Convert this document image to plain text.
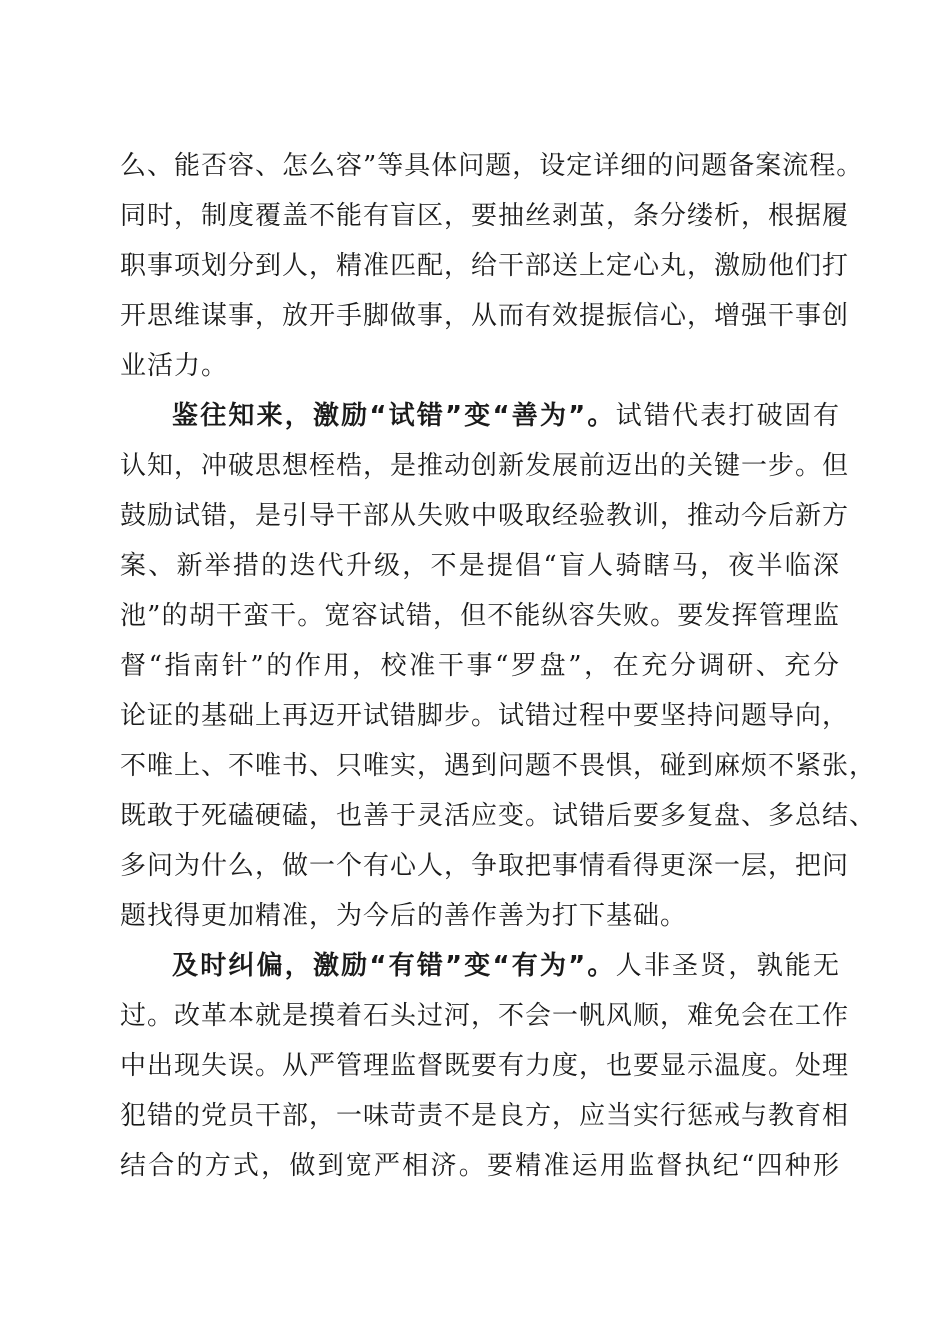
么、能否容、怎么容”等具体问题，设定详细的问题备案流程。
同时，制度覆盖不能有盲区，要抽丝剥茧，条分缕析，根据履
职事项划分到人，精准匹配，给干部送上定心丸，激励他们打
开思维谋事，放开手脚做事，从而有效提振信心，增强干事创
业活力。
鉴往知来，激励“试错”变“善为”。试错代表打破固有
认知，冲破思想桎梏，是推动创新发展前迈出的关键一步。但
鼓励试错，是引导干部从失败中吸取经验教训，推动今后新方
案、新举措的迭代升级，不是提倡“盲人骑瞎马，夜半临深
池”的胡干蛮干。宽容试错，但不能纵容失败。要发挥管理监
督“指南针”的作用，校准干事“罗盘”，在充分调研、充分
论证的基础上再迈开试错脚步。试错过程中要坚持问题导向，
不唯上、不唯书、只唯实，遇到问题不畏惧，碰到麻烦不紧张，
既敢于死磕硬磕，也善于灵活应变。试错后要多复盘、多总结、
多问为什么，做一个有心人，争取把事情看得更深一层，把问
题找得更加精准，为今后的善作善为打下基础。
及时纠偏，激励“有错”变“有为”。人非圣贤，孰能无
过。改革本就是摸着石头过河，不会一帆风顺，难免会在工作
中出现失误。从严管理监督既要有力度，也要显示温度。处理
犯错的党员干部，一味苛责不是良方，应当实行惩戒与教育相
结合的方式，做到宽严相济。要精准运用监督执纪“四种形
